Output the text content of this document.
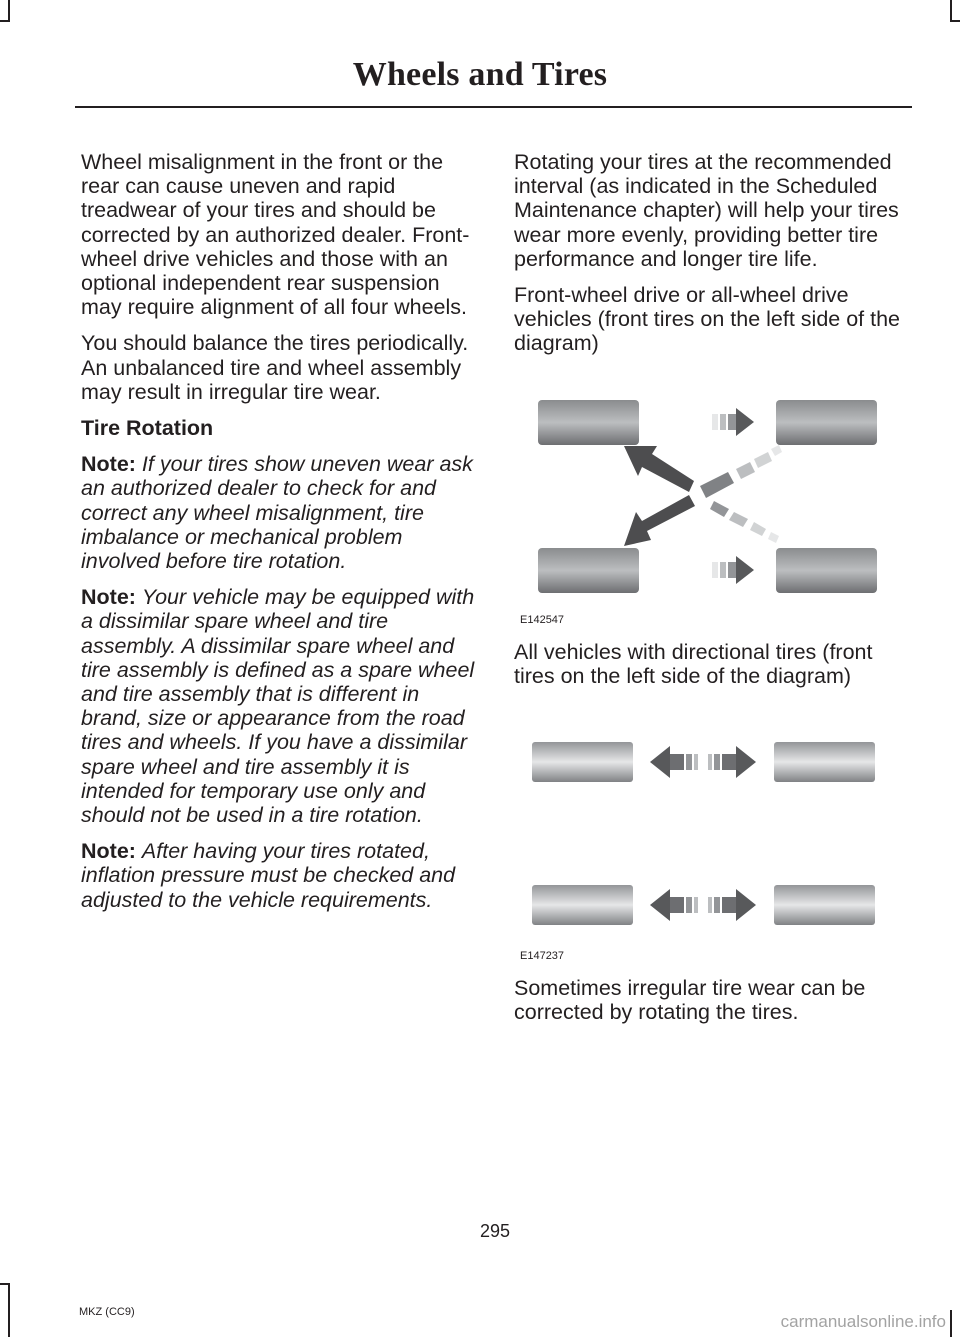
Wheels and Tires

Wheel misalignment in the front or the rear can cause uneven and rapid treadwear of your tires and should be corrected by an authorized dealer. Front-wheel drive vehicles and those with an optional independent rear suspension may require alignment of all four wheels.

You should balance the tires periodically. An unbalanced tire and wheel assembly may result in irregular tire wear.

Tire Rotation

Note: If your tires show uneven wear ask an authorized dealer to check for and correct any wheel misalignment, tire imbalance or mechanical problem involved before tire rotation.

Note: Your vehicle may be equipped with a dissimilar spare wheel and tire assembly. A dissimilar spare wheel and tire assembly is defined as a spare wheel and tire assembly that is different in brand, size or appearance from the road tires and wheels. If you have a dissimilar spare wheel and tire assembly it is intended for temporary use only and should not be used in a tire rotation.

Note: After having your tires rotated, inflation pressure must be checked and adjusted to the vehicle requirements.

Rotating your tires at the recommended interval (as indicated in the Scheduled Maintenance chapter) will help your tires wear more evenly, providing better tire performance and longer tire life.

Front-wheel drive or all-wheel drive vehicles (front tires on the left side of the diagram)

E142547

All vehicles with directional tires (front tires on the left side of the diagram)

E147237

Sometimes irregular tire wear can be corrected by rotating the tires.

295
MKZ (CC9)	carmanualsonline.info
